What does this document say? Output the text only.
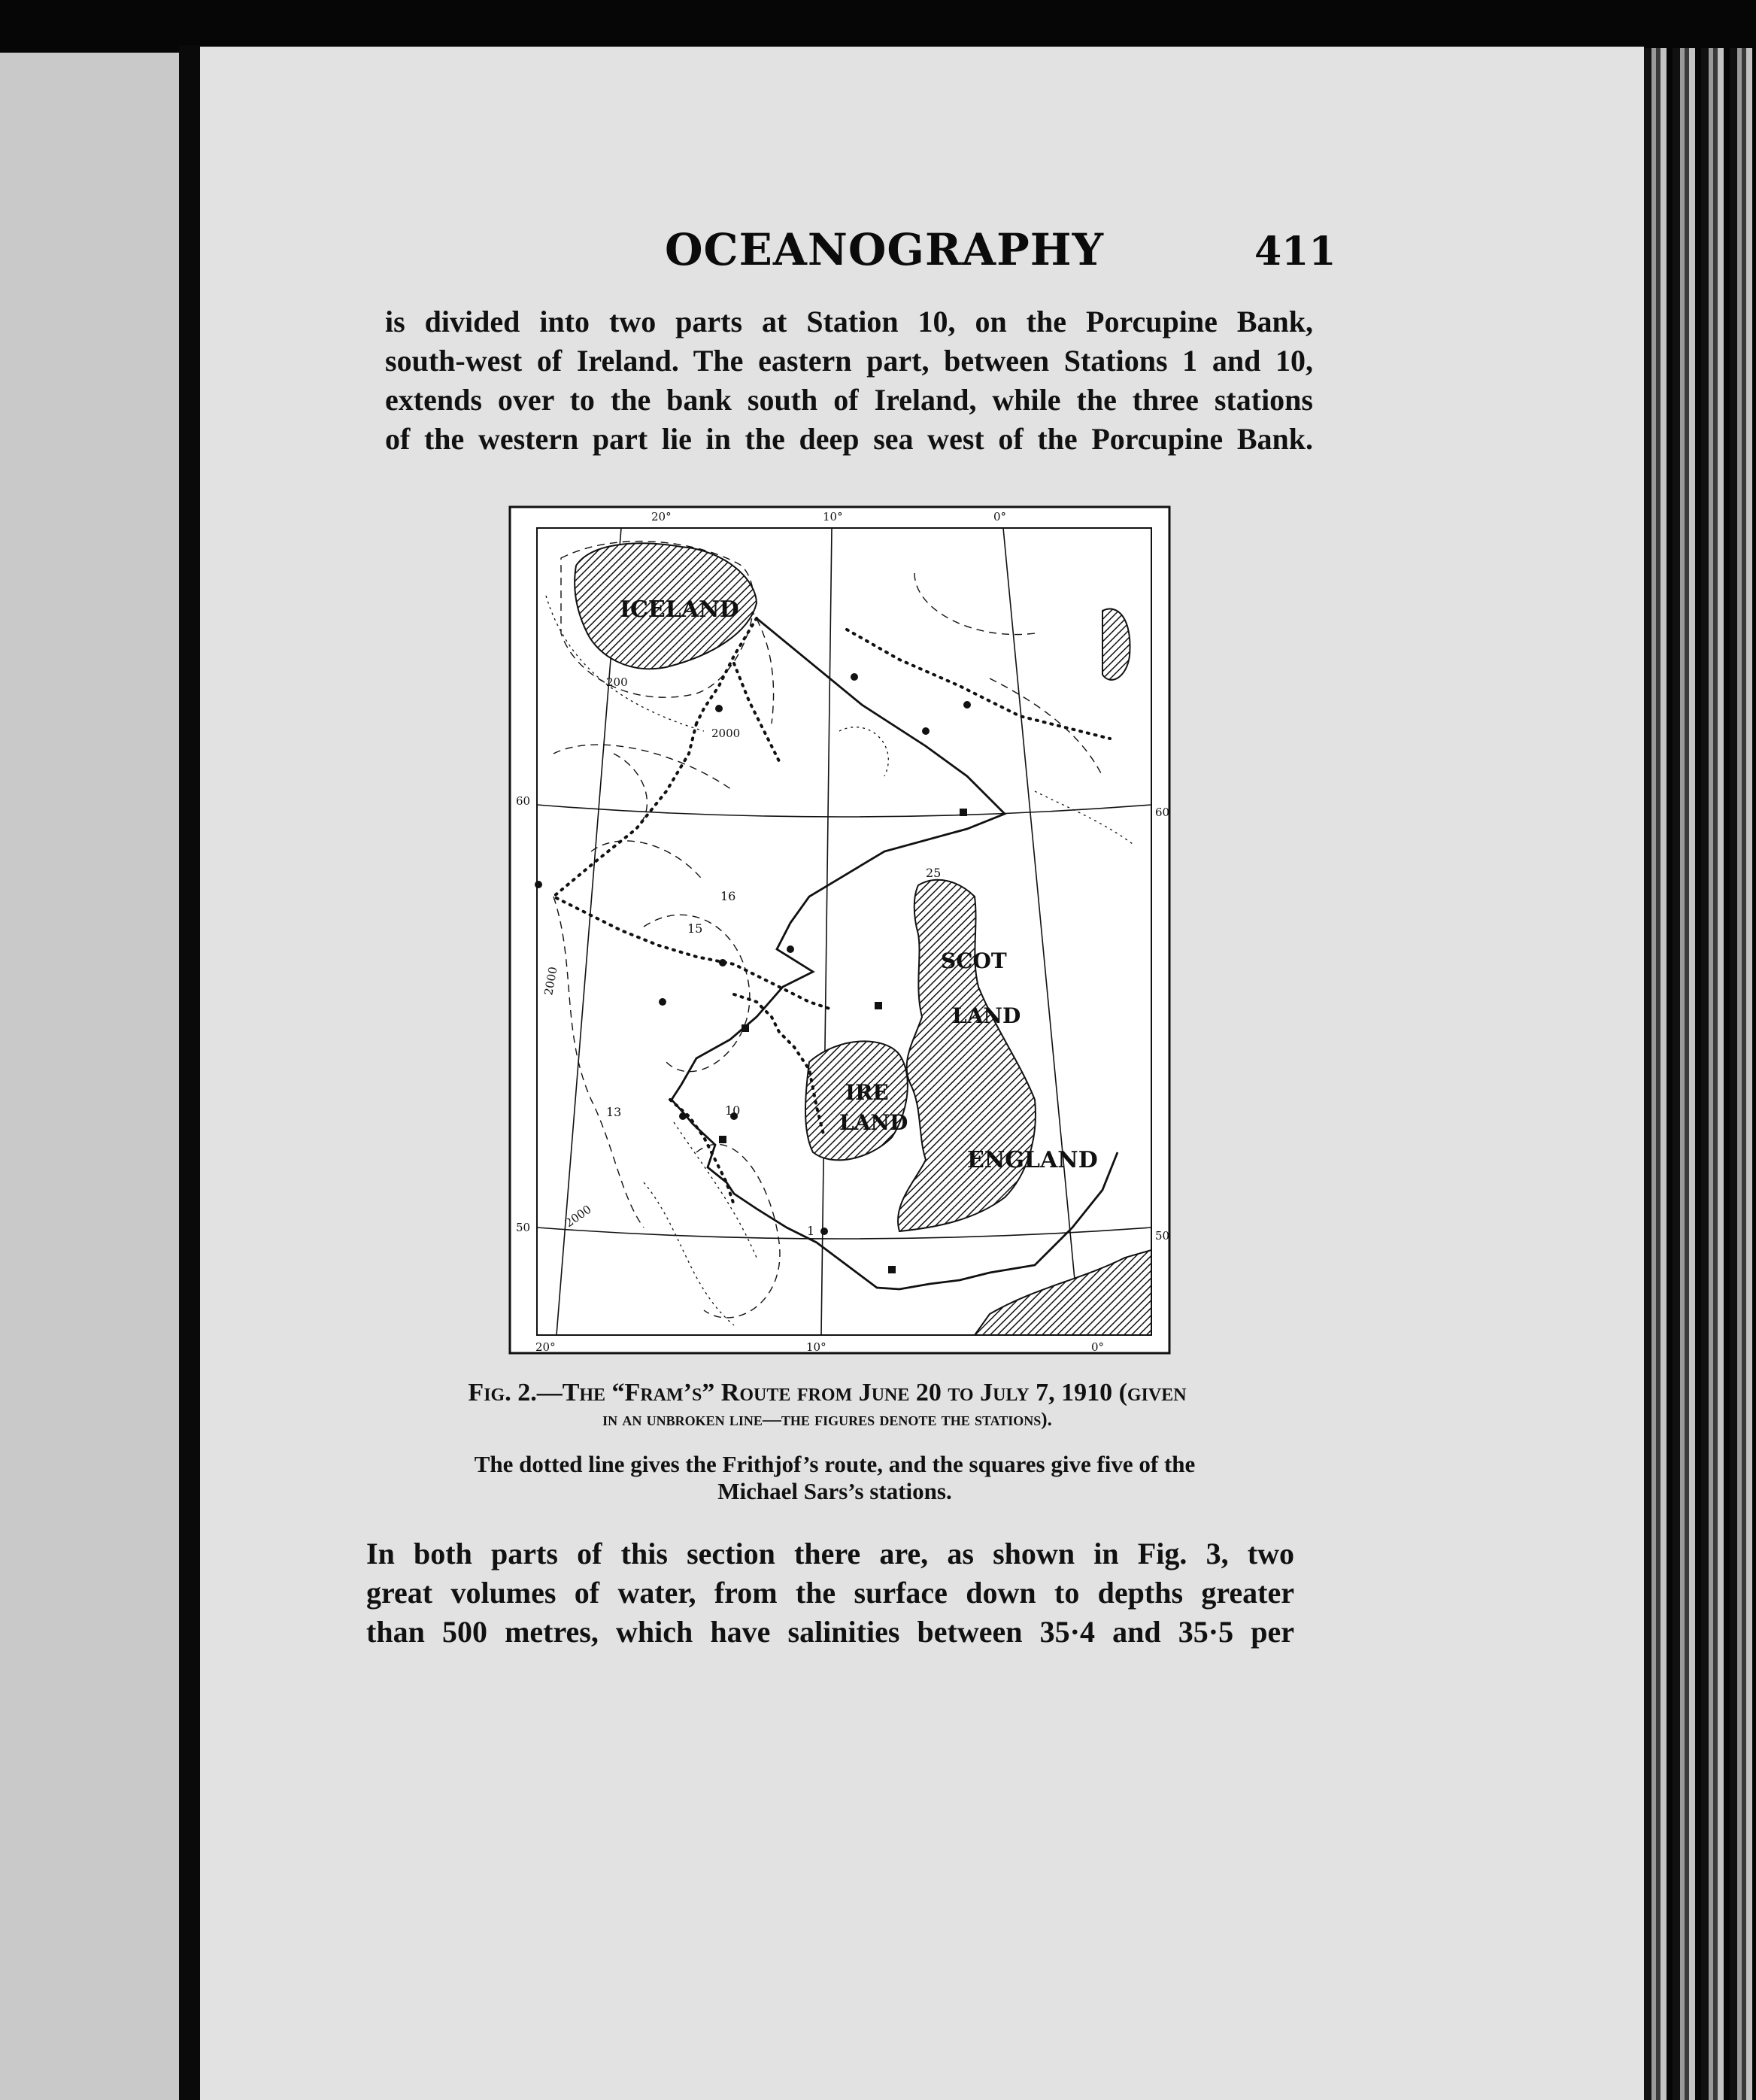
OCEANOGRAPHY	411

is divided into two parts at Station 10, on the Porcupine Bank,
south-west of Ireland. The eastern part, between Stations 1 and 10,
extends over to the bank south of Ireland, while the three stations
of the western part lie in the deep sea west of the Porcupine Bank.

ICELAND
SCOT
LAND
IRE
LAND
ENGLAND
20°	10°	0°
20°	10°	0°
60
60
50
50
200
2000
2000
2000
25
16
15
13	10
1

Fig. 2.—The “Fram’s” Route from June 20 to July 7, 1910 (given
in an unbroken line—the figures denote the stations).

The dotted line gives the Frithjof’s route, and the squares give five of the
Michael Sars’s stations.

In both parts of this section there are, as shown in Fig. 3, two
great volumes of water, from the surface down to depths greater
than 500 metres, which have salinities between 35·4 and 35·5 per
